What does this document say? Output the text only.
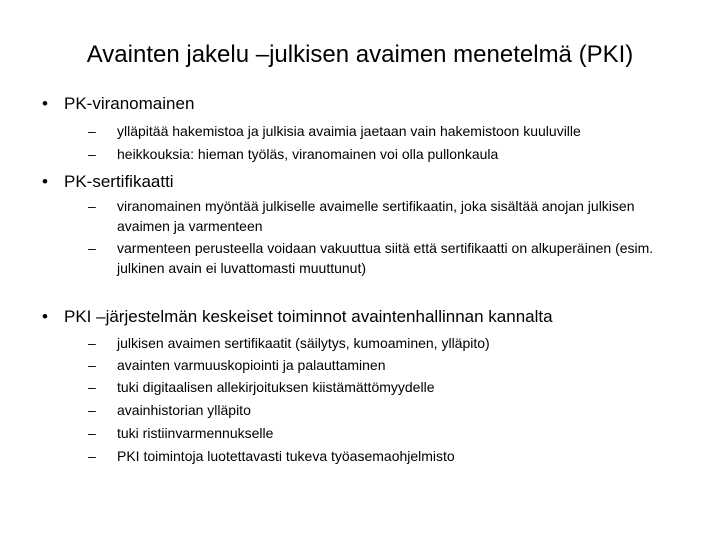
Avainten jakelu –julkisen avaimen menetelmä (PKI)
• PK-viranomainen
– ylläpitää hakemistoa ja julkisia avaimia jaetaan vain hakemistoon kuuluville
– heikkouksia: hieman työläs, viranomainen voi olla pullonkaula
• PK-sertifikaatti
– viranomainen myöntää julkiselle avaimelle sertifikaatin, joka sisältää anojan julkisen avaimen ja varmenteen
– varmenteen perusteella voidaan vakuuttua siitä että sertifikaatti on alkuperäinen (esim. julkinen avain ei luvattomasti muuttunut)
• PKI –järjestelmän keskeiset toiminnot avaintenhallinnan kannalta
– julkisen avaimen sertifikaatit (säilytys, kumoaminen, ylläpito)
– avainten varmuuskopiointi ja palauttaminen
– tuki digitaalisen allekirjoituksen kiistämättömyydelle
– avainhistorian ylläpito
– tuki ristiinvarmennukselle
– PKI toimintoja luotettavasti tukeva työasemaohjelmisto
